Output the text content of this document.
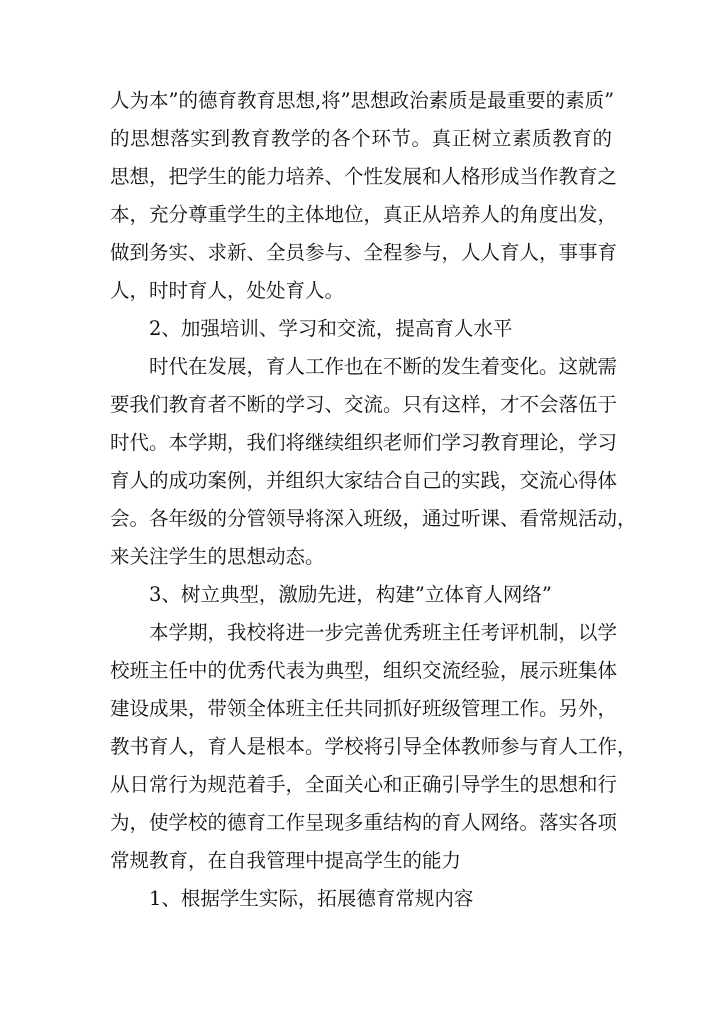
人为本”的德育教育思想,将”思想政治素质是最重要的素质”
的思想落实到教育教学的各个环节。真正树立素质教育的
思想，把学生的能力培养、个性发展和人格形成当作教育之
本，充分尊重学生的主体地位，真正从培养人的角度出发，
做到务实、求新、全员参与、全程参与，人人育人，事事育
人，时时育人，处处育人。
2、加强培训、学习和交流，提高育人水平
时代在发展，育人工作也在不断的发生着变化。这就需
要我们教育者不断的学习、交流。只有这样，才不会落伍于
时代。本学期，我们将继续组织老师们学习教育理论，学习
育人的成功案例，并组织大家结合自己的实践，交流心得体
会。各年级的分管领导将深入班级，通过听课、看常规活动，
来关注学生的思想动态。
3、树立典型，激励先进，构建”立体育人网络”
本学期，我校将进一步完善优秀班主任考评机制，以学
校班主任中的优秀代表为典型，组织交流经验，展示班集体
建设成果，带领全体班主任共同抓好班级管理工作。另外，
教书育人，育人是根本。学校将引导全体教师参与育人工作，
从日常行为规范着手，全面关心和正确引导学生的思想和行
为，使学校的德育工作呈现多重结构的育人网络。落实各项
常规教育，在自我管理中提高学生的能力
1、根据学生实际，拓展德育常规内容
